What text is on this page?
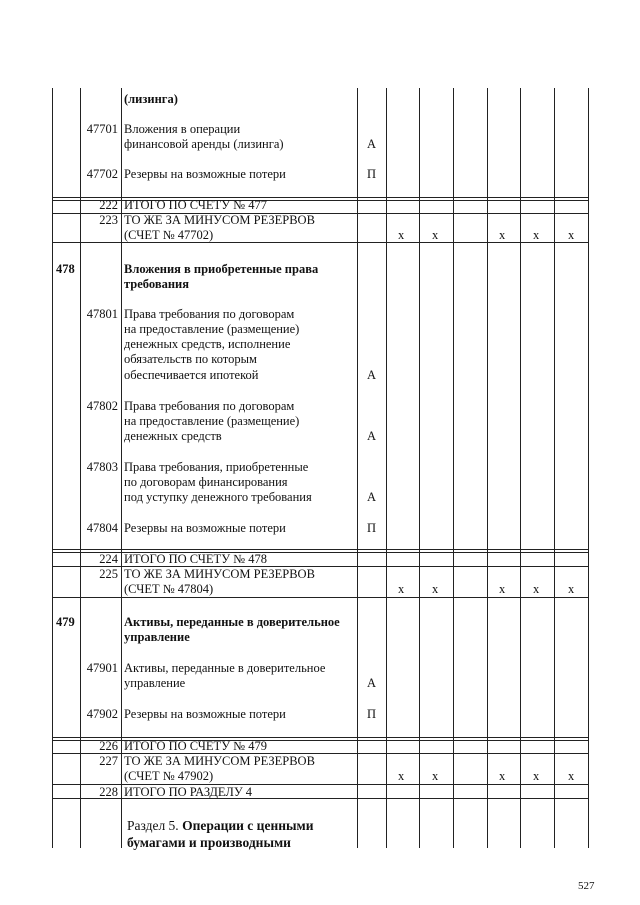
(лизинга)
47701 Вложения в операции
финансовой аренды (лизинга)	А
47702 Резервы на возможные потери	П
222 ИТОГО ПО СЧЕТУ № 477
223 ТО ЖЕ ЗА МИНУСОМ РЕЗЕРВОВ
(СЧЕТ № 47702)	х х	х х х
478	Вложения в приобретенные права
требования
47801 Права требования по договорам
на предоставление (размещение)
денежных средств, исполнение
обязательств по которым
обеспечивается ипотекой	А
47802 Права требования по договорам
на предоставление (размещение)
денежных средств	А
47803 Права требования, приобретенные
по договорам финансирования
под уступку денежного требования	А
47804 Резервы на возможные потери	П
224 ИТОГО ПО СЧЕТУ № 478
225 ТО ЖЕ ЗА МИНУСОМ РЕЗЕРВОВ
(СЧЕТ № 47804)	х х	х х х
479	Активы, переданные в доверительное
управление
47901 Активы, переданные в доверительное
управление	А
47902 Резервы на возможные потери	П
226 ИТОГО ПО СЧЕТУ № 479
227 ТО ЖЕ ЗА МИНУСОМ РЕЗЕРВОВ
(СЧЕТ № 47902)	х х	х х х
228 ИТОГО ПО РАЗДЕЛУ 4
Раздел 5. Операции с ценными
бумагами и производными
527
